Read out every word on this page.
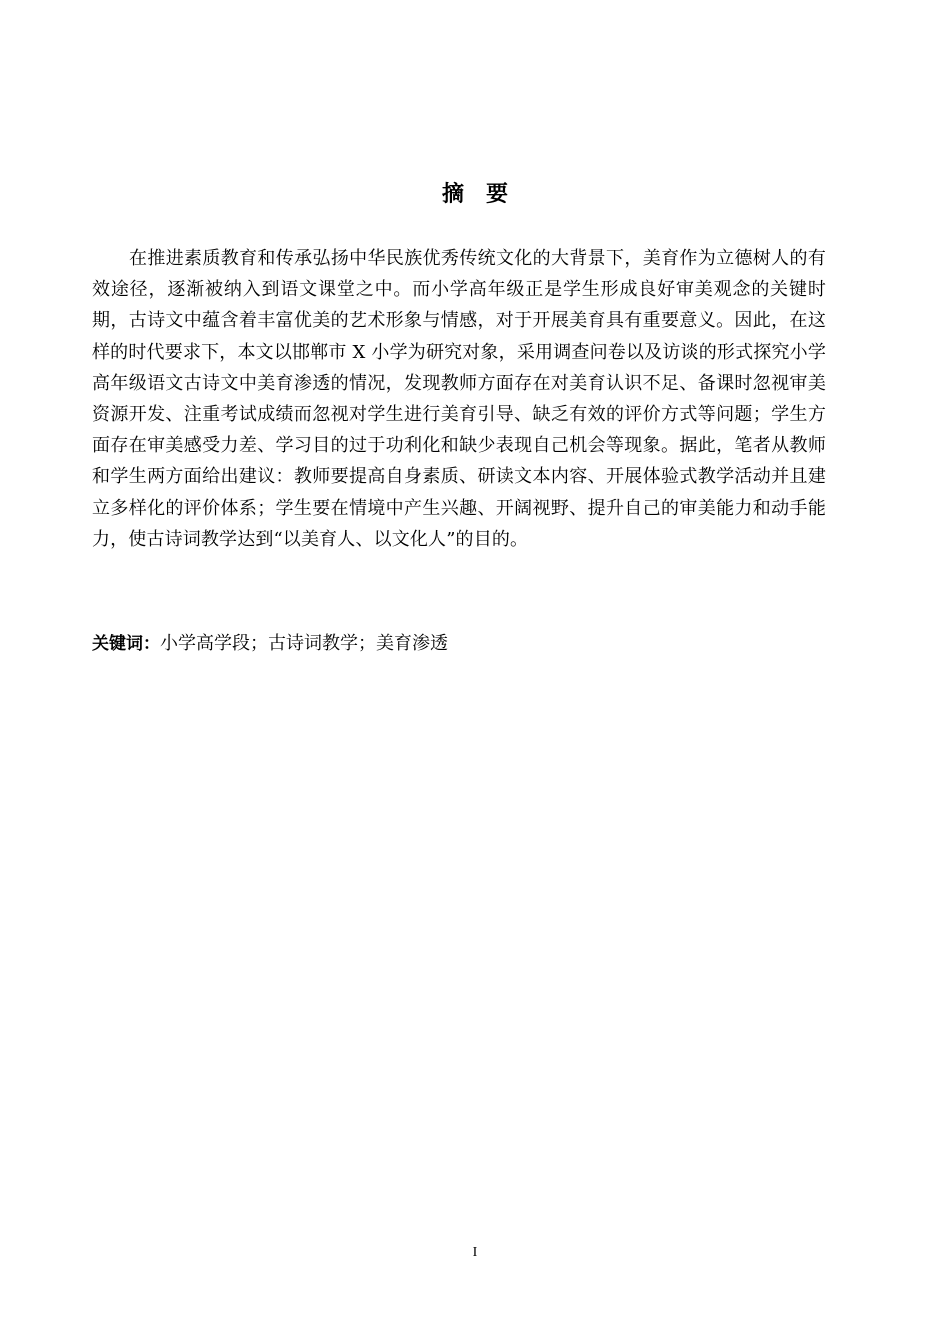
摘要

在推进素质教育和传承弘扬中华民族优秀传统文化的大背景下，美育作为立德树人的有效途径，逐渐被纳入到语文课堂之中。而小学高年级正是学生形成良好审美观念的关键时期，古诗文中蕴含着丰富优美的艺术形象与情感，对于开展美育具有重要意义。因此，在这样的时代要求下，本文以邯郸市 X 小学为研究对象，采用调查问卷以及访谈的形式探究小学高年级语文古诗文中美育渗透的情况，发现教师方面存在对美育认识不足、备课时忽视审美资源开发、注重考试成绩而忽视对学生进行美育引导、缺乏有效的评价方式等问题；学生方面存在审美感受力差、学习目的过于功利化和缺少表现自己机会等现象。据此，笔者从教师和学生两方面给出建议：教师要提高自身素质、研读文本内容、开展体验式教学活动并且建立多样化的评价体系；学生要在情境中产生兴趣、开阔视野、提升自己的审美能力和动手能力，使古诗词教学达到“以美育人、以文化人”的目的。

关键词：小学高学段；古诗词教学；美育渗透
I
